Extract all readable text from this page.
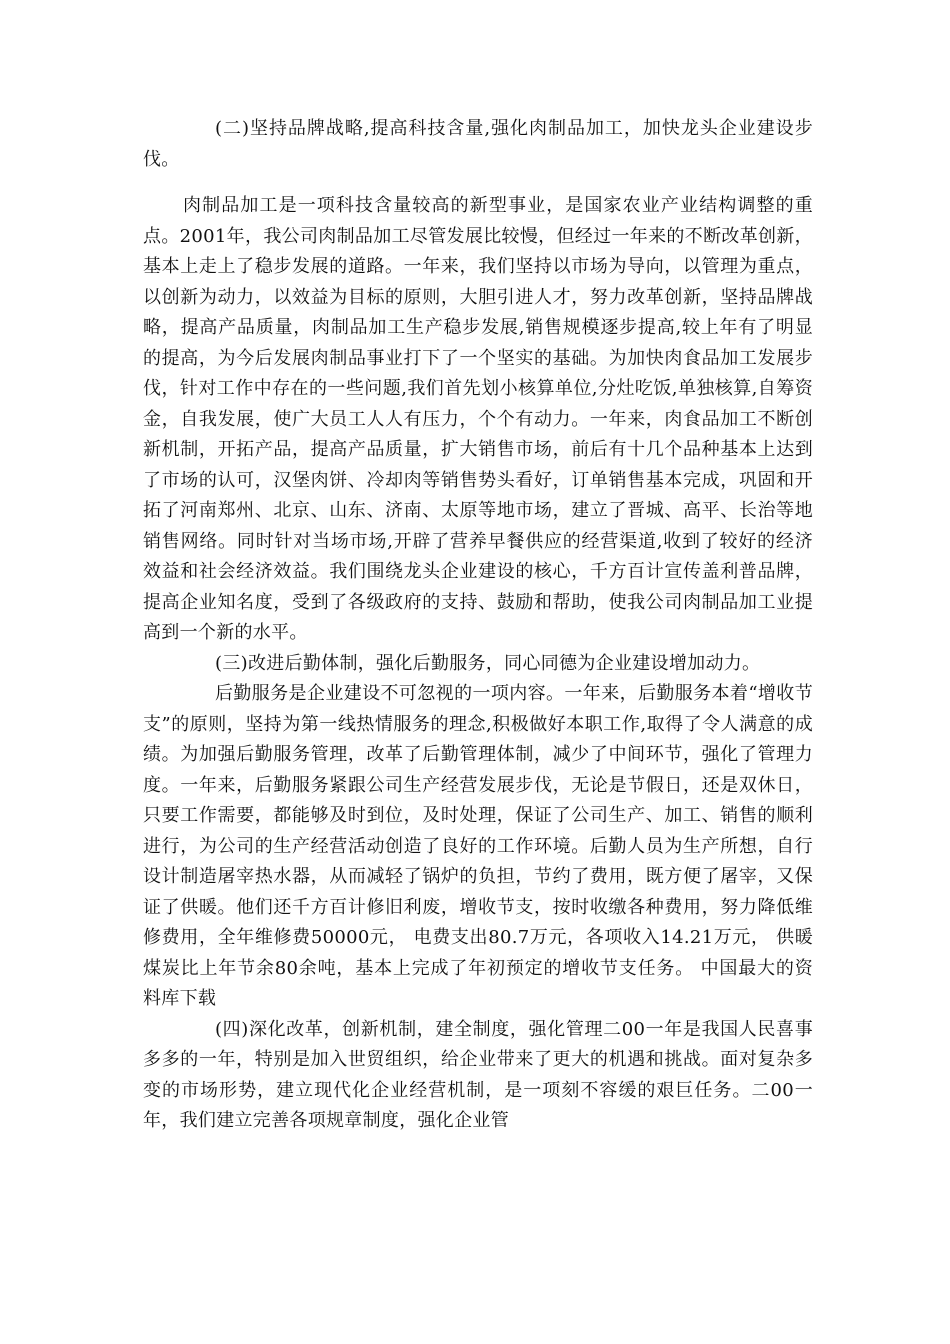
(二)坚持品牌战略,提高科技含量,强化肉制品加工，加快龙头企业建设步伐。

肉制品加工是一项科技含量较高的新型事业，是国家农业产业结构调整的重点。2001年，我公司肉制品加工尽管发展比较慢，但经过一年来的不断改革创新，基本上走上了稳步发展的道路。一年来，我们坚持以市场为导向，以管理为重点，以创新为动力，以效益为目标的原则，大胆引进人才，努力改革创新，坚持品牌战略，提高产品质量，肉制品加工生产稳步发展,销售规模逐步提高,较上年有了明显的提高，为今后发展肉制品事业打下了一个坚实的基础。为加快肉食品加工发展步伐，针对工作中存在的一些问题,我们首先划小核算单位,分灶吃饭,单独核算,自筹资金，自我发展，使广大员工人人有压力，个个有动力。一年来，肉食品加工不断创新机制，开拓产品，提高产品质量，扩大销售市场，前后有十几个品种基本上达到了市场的认可，汉堡肉饼、冷却肉等销售势头看好，订单销售基本完成，巩固和开拓了河南郑州、北京、山东、济南、太原等地市场，建立了晋城、高平、长治等地销售网络。同时针对当场市场,开辟了营养早餐供应的经营渠道,收到了较好的经济效益和社会经济效益。我们围绕龙头企业建设的核心，千方百计宣传盖利普品牌，提高企业知名度，受到了各级政府的支持、鼓励和帮助，使我公司肉制品加工业提高到一个新的水平。

(三)改进后勤体制，强化后勤服务，同心同德为企业建设增加动力。

后勤服务是企业建设不可忽视的一项内容。一年来，后勤服务本着“增收节支”的原则，坚持为第一线热情服务的理念,积极做好本职工作,取得了令人满意的成绩。为加强后勤服务管理，改革了后勤管理体制，减少了中间环节，强化了管理力度。一年来，后勤服务紧跟公司生产经营发展步伐，无论是节假日，还是双休日，只要工作需要，都能够及时到位，及时处理，保证了公司生产、加工、销售的顺利进行，为公司的生产经营活动创造了良好的工作环境。后勤人员为生产所想，自行设计制造屠宰热水器，从而减轻了锅炉的负担，节约了费用，既方便了屠宰，又保证了供暖。他们还千方百计修旧利废，增收节支，按时收缴各种费用，努力降低维修费用，全年维修费50000元， 电费支出80.7万元，各项收入14.21万元， 供暖煤炭比上年节余80余吨，基本上完成了年初预定的增收节支任务。 中国最大的资料库下载

(四)深化改革，创新机制，建全制度，强化管理二00一年是我国人民喜事多多的一年，特别是加入世贸组织，给企业带来了更大的机遇和挑战。面对复杂多变的市场形势，建立现代化企业经营机制，是一项刻不容缓的艰巨任务。二00一年，我们建立完善各项规章制度，强化企业管
